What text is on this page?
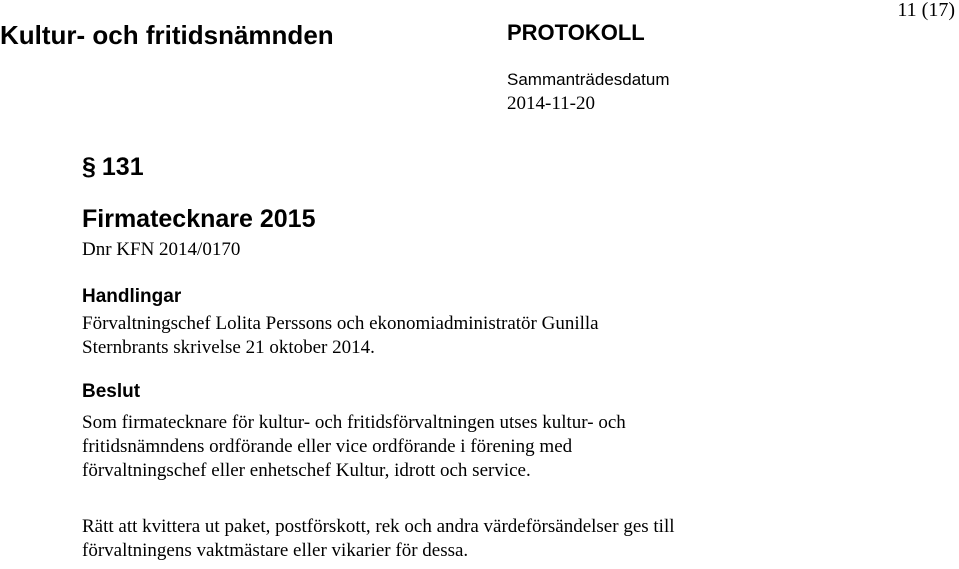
Kultur- och fritidsnämnden	PROTOKOLL
11 (17)
Sammanträdesdatum
2014-11-20
§ 131
Firmatecknare 2015
Dnr KFN 2014/0170
Handlingar
Förvaltningschef Lolita Perssons och ekonomiadministratör Gunilla
Sternbrants skrivelse 21 oktober 2014.
Beslut
Som firmatecknare för kultur- och fritidsförvaltningen utses kultur- och
fritidsnämndens ordförande eller vice ordförande i förening med
förvaltningschef eller enhetschef Kultur, idrott och service.
Rätt att kvittera ut paket, postförskott, rek och andra värdeförsändelser ges till
förvaltningens vaktmästare eller vikarier för dessa.
